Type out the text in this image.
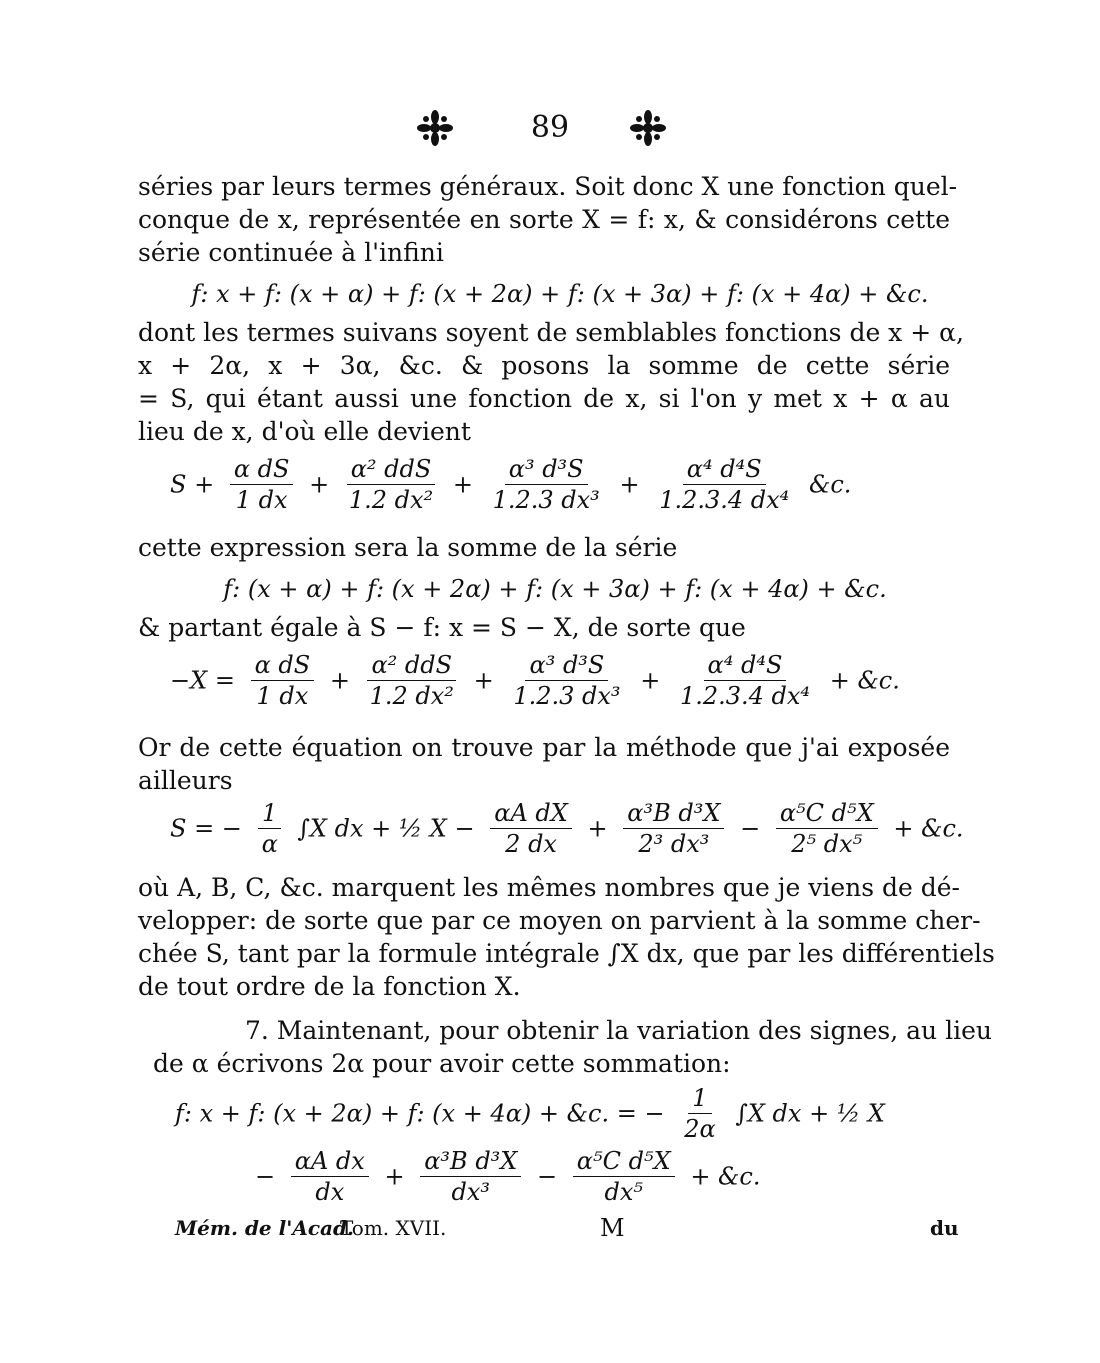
89
séries par leurs termes généraux. Soit donc X une fonction quel-
conque de x, représentée en sorte X = f: x, & considérons cette
série continuée à l'infini
f: x + f: (x + α) + f: (x + 2α) + f: (x + 3α) + f: (x + 4α) + &c.
dont les termes suivans soyent de semblables fonctions de x + α,
x + 2α, x + 3α, &c. & posons la somme de cette série
= S, qui étant aussi une fonction de x, si l'on y met x + α au
lieu de x, d'où elle devient
$S + \frac{\text{α dS}}{1 dx} + \frac{\text{α² ddS}}{\text{1.2 dx²}} + \frac{\text{α³ d³S}}{\text{1.2.3 dx³}} + \frac{\text{α⁴ d⁴S}}{\text{1.2.3.4 dx⁴}}$ &c.
cette expression sera la somme de la série
f: (x + α) + f: (x + 2α) + f: (x + 3α) + f: (x + 4α) + &c.
& partant égale à S − f: x = S − X, de sorte que
$-X = \frac{\text{α dS}}{1 dx} + \frac{\text{α² ddS}}{\text{1.2 dx²}} + \frac{\text{α³ d³S}}{\text{1.2.3 dx³}} + \frac{\text{α⁴ d⁴S}}{\text{1.2.3.4 dx⁴}}$ + &c.
Or de cette équation on trouve par la méthode que j'ai exposée
ailleurs
S = − $\frac{1}{\alpha} \int X$ dx + ½ $X - \frac{\text{αA dX}}{2 dx} + \frac{\text{α³B d³X}}{\text{2³ dx³}} - \frac{\text{α⁵C d⁵X}}{\text{2⁵ dx⁵}}$ + &c.
où A, B, C, &c. marquent les mêmes nombres que je viens de dé-
velopper: de sorte que par ce moyen on parvient à la somme cher-
chée S, tant par la formule intégrale ∫X dx, que par les différentiels
de tout ordre de la fonction X.
7. Maintenant, pour obtenir la variation des signes, au lieu
de α écrivons 2α pour avoir cette sommation:
f: x + f: (x + 2α) + f: (x + 4α) + &c. = − $\frac{1}{2\alpha} \int X$ dx + ½ X
− $\frac{\text{αA dx}}{dx} + \frac{\text{α³B d³X}}{\text{dx³}} - \frac{\text{α⁵C d⁵X}}{\text{dx⁵}}$ + &c.
Mém. de l'Acad.
Tom. XVII.	M	du
